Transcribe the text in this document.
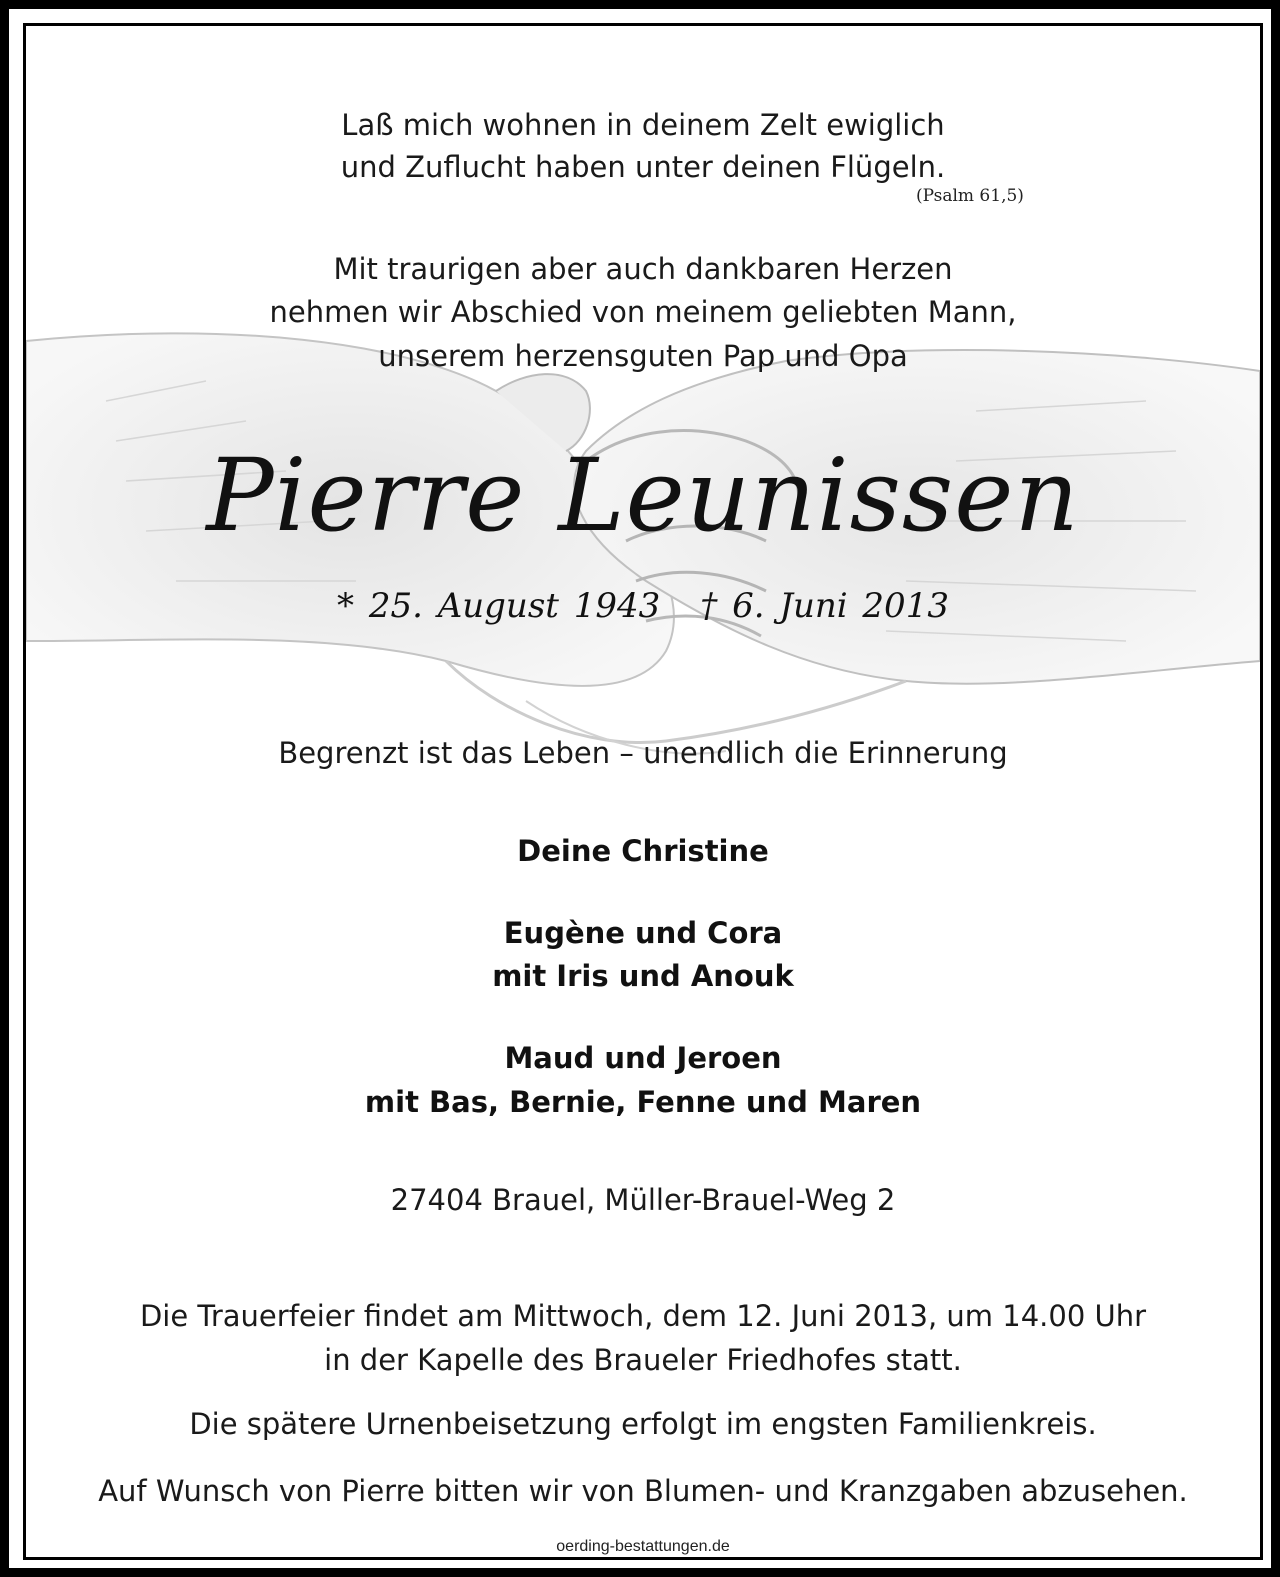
Laß mich wohnen in deinem Zelt ewiglich

und Zuflucht haben unter deinen Flügeln.

(Psalm 61,5)

Mit traurigen aber auch dankbaren Herzen

nehmen wir Abschied von meinem geliebten Mann,

unserem herzensguten Pap und Opa

Pierre Leunissen
* 25. August 1943 † 6. Juni 2013

Begrenzt ist das Leben – unendlich die Erinnerung

Deine Christine

Eugène und Cora

mit Iris und Anouk

Maud und Jeroen

mit Bas, Bernie, Fenne und Maren

27404 Brauel, Müller-Brauel-Weg 2

Die Trauerfeier findet am Mittwoch, dem 12. Juni 2013, um 14.00 Uhr

in der Kapelle des Braueler Friedhofes statt.

Die spätere Urnenbeisetzung erfolgt im engsten Familienkreis.

Auf Wunsch von Pierre bitten wir von Blumen- und Kranzgaben abzusehen.

oerding-bestattungen.de
